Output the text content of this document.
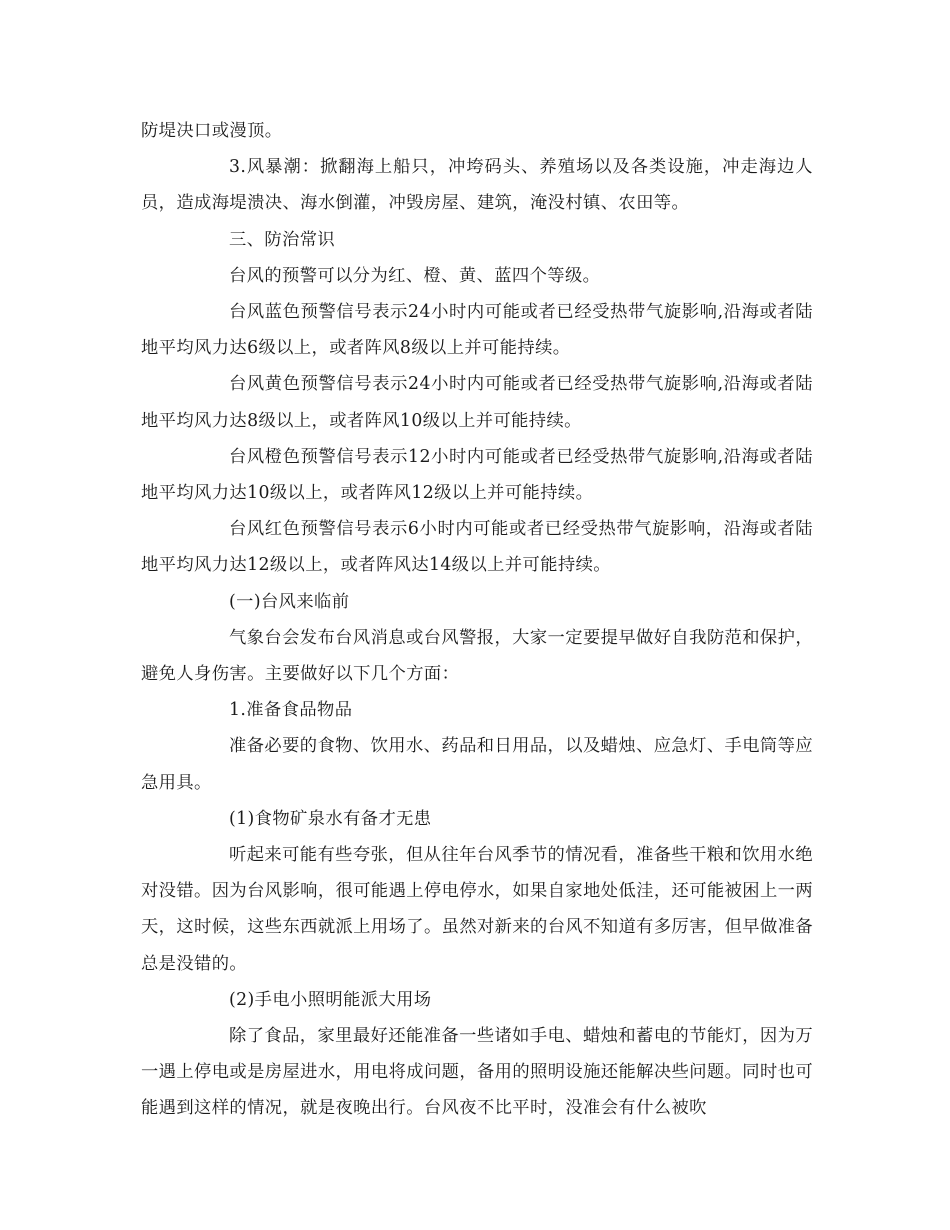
防堤决口或漫顶。

3.风暴潮：掀翻海上船只，冲垮码头、养殖场以及各类设施，冲走海边人员，造成海堤溃决、海水倒灌，冲毁房屋、建筑，淹没村镇、农田等。

三、防治常识

台风的预警可以分为红、橙、黄、蓝四个等级。

台风蓝色预警信号表示24小时内可能或者已经受热带气旋影响,沿海或者陆地平均风力达6级以上，或者阵风8级以上并可能持续。

台风黄色预警信号表示24小时内可能或者已经受热带气旋影响,沿海或者陆地平均风力达8级以上，或者阵风10级以上并可能持续。

台风橙色预警信号表示12小时内可能或者已经受热带气旋影响,沿海或者陆地平均风力达10级以上，或者阵风12级以上并可能持续。

台风红色预警信号表示6小时内可能或者已经受热带气旋影响，沿海或者陆地平均风力达12级以上，或者阵风达14级以上并可能持续。

(一)台风来临前

气象台会发布台风消息或台风警报，大家一定要提早做好自我防范和保护，避免人身伤害。主要做好以下几个方面：

1.准备食品物品

准备必要的食物、饮用水、药品和日用品，以及蜡烛、应急灯、手电筒等应急用具。

(1)食物矿泉水有备才无患

听起来可能有些夸张，但从往年台风季节的情况看，准备些干粮和饮用水绝对没错。因为台风影响，很可能遇上停电停水，如果自家地处低洼，还可能被困上一两天，这时候，这些东西就派上用场了。虽然对新来的台风不知道有多厉害，但早做准备总是没错的。

(2)手电小照明能派大用场

除了食品，家里最好还能准备一些诸如手电、蜡烛和蓄电的节能灯，因为万一遇上停电或是房屋进水，用电将成问题，备用的照明设施还能解决些问题。同时也可能遇到这样的情况，就是夜晚出行。台风夜不比平时，没准会有什么被吹
